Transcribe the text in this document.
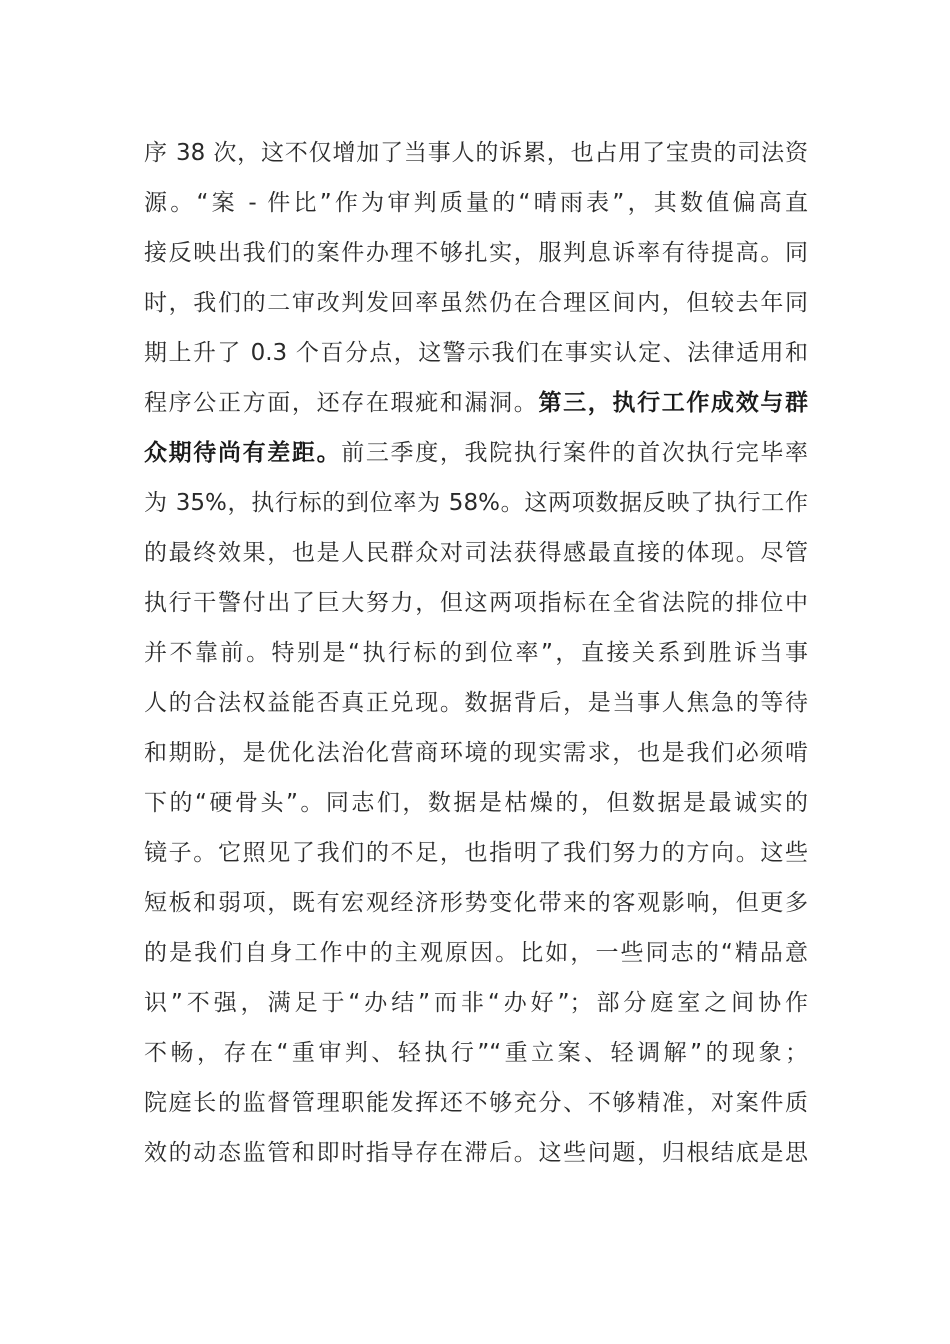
序 38 次，这不仅增加了当事人的诉累，也占用了宝贵的司法资
源。“案 - 件比”作为审判质量的“晴雨表”，其数值偏高直
接反映出我们的案件办理不够扎实，服判息诉率有待提高。同
时，我们的二审改判发回率虽然仍在合理区间内，但较去年同
期上升了 0.3 个百分点，这警示我们在事实认定、法律适用和
程序公正方面，还存在瑕疵和漏洞。第三，执行工作成效与群
众期待尚有差距。前三季度，我院执行案件的首次执行完毕率
为 35%，执行标的到位率为 58%。这两项数据反映了执行工作
的最终效果，也是人民群众对司法获得感最直接的体现。尽管
执行干警付出了巨大努力，但这两项指标在全省法院的排位中
并不靠前。特别是“执行标的到位率”，直接关系到胜诉当事
人的合法权益能否真正兑现。数据背后，是当事人焦急的等待
和期盼，是优化法治化营商环境的现实需求，也是我们必须啃
下的“硬骨头”。同志们，数据是枯燥的，但数据是最诚实的
镜子。它照见了我们的不足，也指明了我们努力的方向。这些
短板和弱项，既有宏观经济形势变化带来的客观影响，但更多
的是我们自身工作中的主观原因。比如，一些同志的“精品意
识”不强，满足于“办结”而非“办好”；部分庭室之间协作
不畅，存在“重审判、轻执行”“重立案、轻调解”的现象；
院庭长的监督管理职能发挥还不够充分、不够精准，对案件质
效的动态监管和即时指导存在滞后。这些问题，归根结底是思
